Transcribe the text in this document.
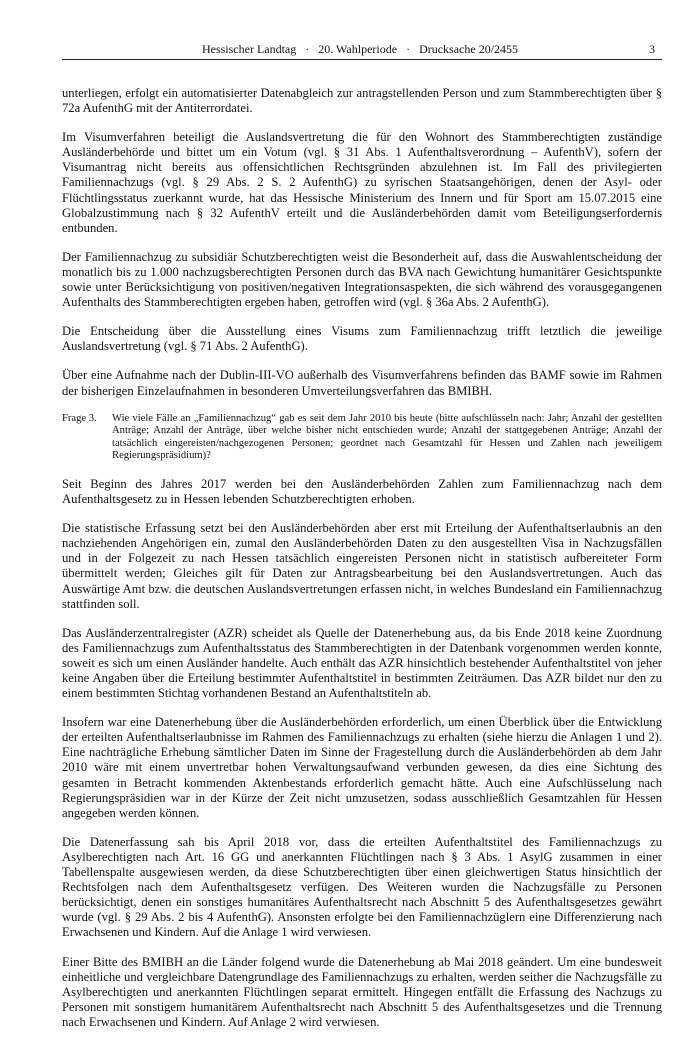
Hessischer Landtag · 20. Wahlperiode · Drucksache 20/2455	3

unterliegen, erfolgt ein automatisierter Datenabgleich zur antragstellenden Person und zum Stammberechtigten über § 72a AufenthG mit der Antiterrordatei.

Im Visumverfahren beteiligt die Auslandsvertretung die für den Wohnort des Stammberechtigten zuständige Ausländerbehörde und bittet um ein Votum (vgl. § 31 Abs. 1 Aufenthaltsverordnung – AufenthV), sofern der Visumantrag nicht bereits aus offensichtlichen Rechtsgründen abzulehnen ist. Im Fall des privilegierten Familiennachzugs (vgl. § 29 Abs. 2 S. 2 AufenthG) zu syrischen Staatsangehörigen, denen der Asyl- oder Flüchtlingsstatus zuerkannt wurde, hat das Hessische Ministerium des Innern und für Sport am 15.07.2015 eine Globalzustimmung nach § 32 AufenthV erteilt und die Ausländerbehörden damit vom Beteiligungserfordernis entbunden.

Der Familiennachzug zu subsidiär Schutzberechtigten weist die Besonderheit auf, dass die Auswahlentscheidung der monatlich bis zu 1.000 nachzugsberechtigten Personen durch das BVA nach Gewichtung humanitärer Gesichtspunkte sowie unter Berücksichtigung von positiven/negativen Integrationsaspekten, die sich während des vorausgegangenen Aufenthalts des Stammberechtigten ergeben haben, getroffen wird (vgl. § 36a Abs. 2 AufenthG).

Die Entscheidung über die Ausstellung eines Visums zum Familiennachzug trifft letztlich die jeweilige Auslandsvertretung (vgl. § 71 Abs. 2 AufenthG).

Über eine Aufnahme nach der Dublin-III-VO außerhalb des Visumverfahrens befinden das BAMF sowie im Rahmen der bisherigen Einzelaufnahmen in besonderen Umverteilungsverfahren das BMIBH.

Frage 3.	Wie viele Fälle an „Familiennachzug“ gab es seit dem Jahr 2010 bis heute (bitte aufschlüsseln nach: Jahr; Anzahl der gestellten Anträge; Anzahl der Anträge, über welche bisher nicht entschieden wurde; Anzahl der stattgegebenen Anträge; Anzahl der tatsächlich eingereisten/nachgezogenen Personen; geordnet nach Gesamtzahl für Hessen und Zahlen nach jeweiligem Regierungspräsidium)?

Seit Beginn des Jahres 2017 werden bei den Ausländerbehörden Zahlen zum Familiennachzug nach dem Aufenthaltsgesetz zu in Hessen lebenden Schutzberechtigten erhoben.

Die statistische Erfassung setzt bei den Ausländerbehörden aber erst mit Erteilung der Aufenthaltserlaubnis an den nachziehenden Angehörigen ein, zumal den Ausländerbehörden Daten zu den ausgestellten Visa in Nachzugsfällen und in der Folgezeit zu nach Hessen tatsächlich eingereisten Personen nicht in statistisch aufbereiteter Form übermittelt werden; Gleiches gilt für Daten zur Antragsbearbeitung bei den Auslandsvertretungen. Auch das Auswärtige Amt bzw. die deutschen Auslandsvertretungen erfassen nicht, in welches Bundesland ein Familiennachzug stattfinden soll.

Das Ausländerzentralregister (AZR) scheidet als Quelle der Datenerhebung aus, da bis Ende 2018 keine Zuordnung des Familiennachzugs zum Aufenthaltsstatus des Stammberechtigten in der Datenbank vorgenommen werden konnte, soweit es sich um einen Ausländer handelte. Auch enthält das AZR hinsichtlich bestehender Aufenthaltstitel von jeher keine Angaben über die Erteilung bestimmter Aufenthaltstitel in bestimmten Zeiträumen. Das AZR bildet nur den zu einem bestimmten Stichtag vorhandenen Bestand an Aufenthaltstiteln ab.

Insofern war eine Datenerhebung über die Ausländerbehörden erforderlich, um einen Überblick über die Entwicklung der erteilten Aufenthaltserlaubnisse im Rahmen des Familiennachzugs zu erhalten (siehe hierzu die Anlagen 1 und 2). Eine nachträgliche Erhebung sämtlicher Daten im Sinne der Fragestellung durch die Ausländerbehörden ab dem Jahr 2010 wäre mit einem unvertretbar hohen Verwaltungsaufwand verbunden gewesen, da dies eine Sichtung des gesamten in Betracht kommenden Aktenbestands erforderlich gemacht hätte. Auch eine Aufschlüsselung nach Regierungspräsidien war in der Kürze der Zeit nicht umzusetzen, sodass ausschließlich Gesamtzahlen für Hessen angegeben werden können.

Die Datenerfassung sah bis April 2018 vor, dass die erteilten Aufenthaltstitel des Familiennachzugs zu Asylberechtigten nach Art. 16 GG und anerkannten Flüchtlingen nach § 3 Abs. 1 AsylG zusammen in einer Tabellenspalte ausgewiesen werden, da diese Schutzberechtigten über einen gleichwertigen Status hinsichtlich der Rechtsfolgen nach dem Aufenthaltsgesetz verfügen. Des Weiteren wurden die Nachzugsfälle zu Personen berücksichtigt, denen ein sonstiges humanitäres Aufenthaltsrecht nach Abschnitt 5 des Aufenthaltsgesetzes gewährt wurde (vgl. § 29 Abs. 2 bis 4 AufenthG). Ansonsten erfolgte bei den Familiennachzüglern eine Differenzierung nach Erwachsenen und Kindern. Auf die Anlage 1 wird verwiesen.

Einer Bitte des BMIBH an die Länder folgend wurde die Datenerhebung ab Mai 2018 geändert. Um eine bundesweit einheitliche und vergleichbare Datengrundlage des Familiennachzugs zu erhalten, werden seither die Nachzugsfälle zu Asylberechtigten und anerkannten Flüchtlingen separat ermittelt. Hingegen entfällt die Erfassung des Nachzugs zu Personen mit sonstigem humanitärem Aufenthaltsrecht nach Abschnitt 5 des Aufenthaltsgesetzes und die Trennung nach Erwachsenen und Kindern. Auf Anlage 2 wird verwiesen.
